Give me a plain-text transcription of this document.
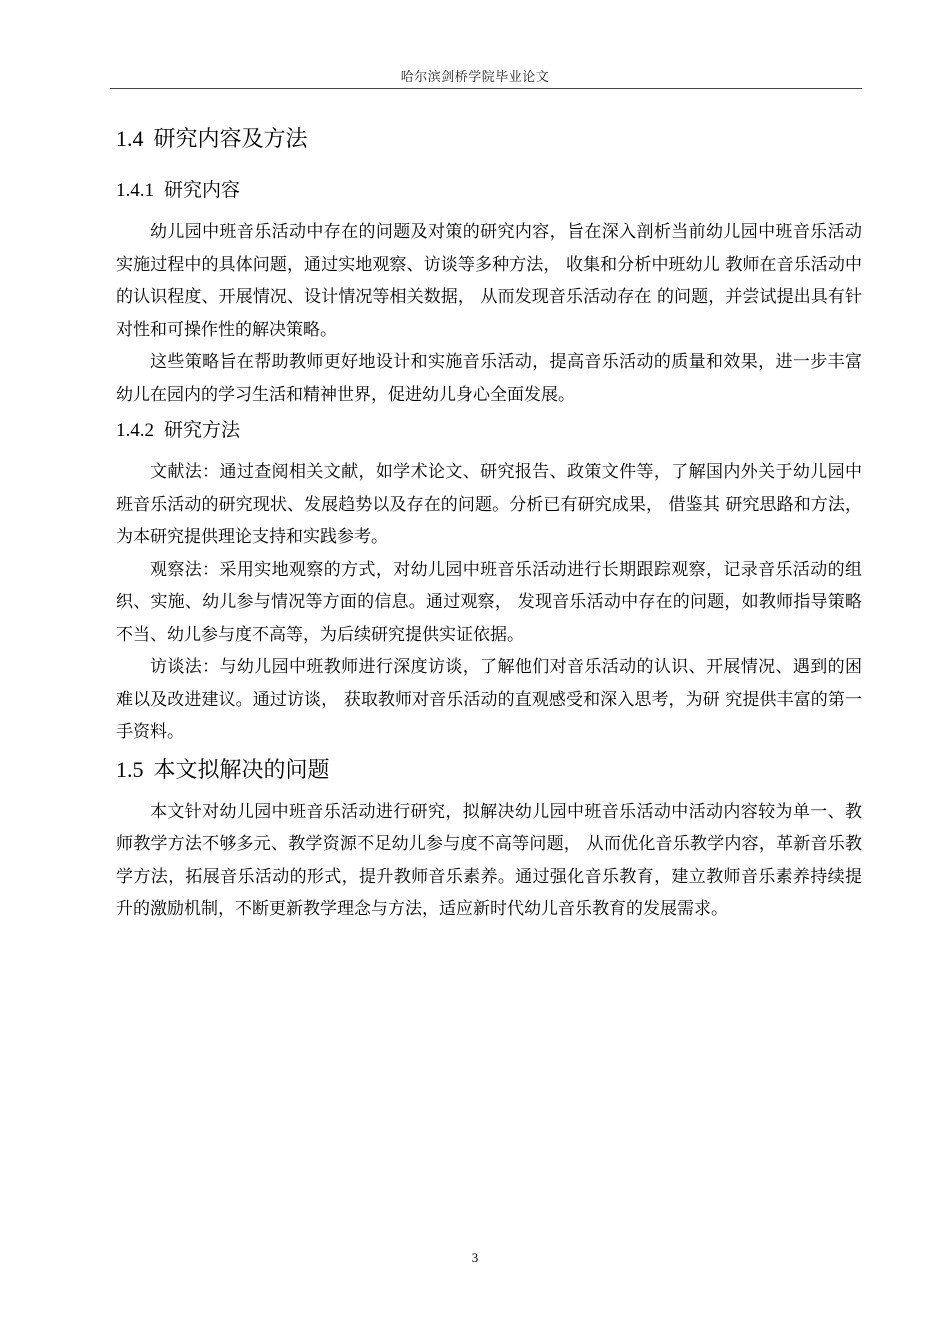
哈尔滨剑桥学院毕业论文
1.4 研究内容及方法
1.4.1 研究内容

幼儿园中班音乐活动中存在的问题及对策的研究内容，旨在深入剖析当前幼儿园中班音乐活动实施过程中的具体问题，通过实地观察、访谈等多种方法， 收集和分析中班幼儿 教师在音乐活动中的认识程度、开展情况、设计情况等相关数据， 从而发现音乐活动存在 的问题，并尝试提出具有针对性和可操作性的解决策略。

这些策略旨在帮助教师更好地设计和实施音乐活动，提高音乐活动的质量和效果，进一步丰富幼儿在园内的学习生活和精神世界，促进幼儿身心全面发展。

1.4.2 研究方法

文献法：通过查阅相关文献，如学术论文、研究报告、政策文件等，了解国内外关于幼儿园中班音乐活动的研究现状、发展趋势以及存在的问题。分析已有研究成果， 借鉴其 研究思路和方法，为本研究提供理论支持和实践参考。

观察法：采用实地观察的方式，对幼儿园中班音乐活动进行长期跟踪观察，记录音乐活动的组织、实施、幼儿参与情况等方面的信息。通过观察， 发现音乐活动中存在的问题，如教师指导策略不当、幼儿参与度不高等，为后续研究提供实证依据。

访谈法：与幼儿园中班教师进行深度访谈，了解他们对音乐活动的认识、开展情况、遇到的困难以及改进建议。通过访谈， 获取教师对音乐活动的直观感受和深入思考，为研 究提供丰富的第一手资料。

1.5 本文拟解决的问题

本文针对幼儿园中班音乐活动进行研究，拟解决幼儿园中班音乐活动中活动内容较为单一、教师教学方法不够多元、教学资源不足幼儿参与度不高等问题， 从而优化音乐教学内容，革新音乐教学方法，拓展音乐活动的形式，提升教师音乐素养。通过强化音乐教育，建立教师音乐素养持续提升的激励机制，不断更新教学理念与方法，适应新时代幼儿音乐教育的发展需求。

3
